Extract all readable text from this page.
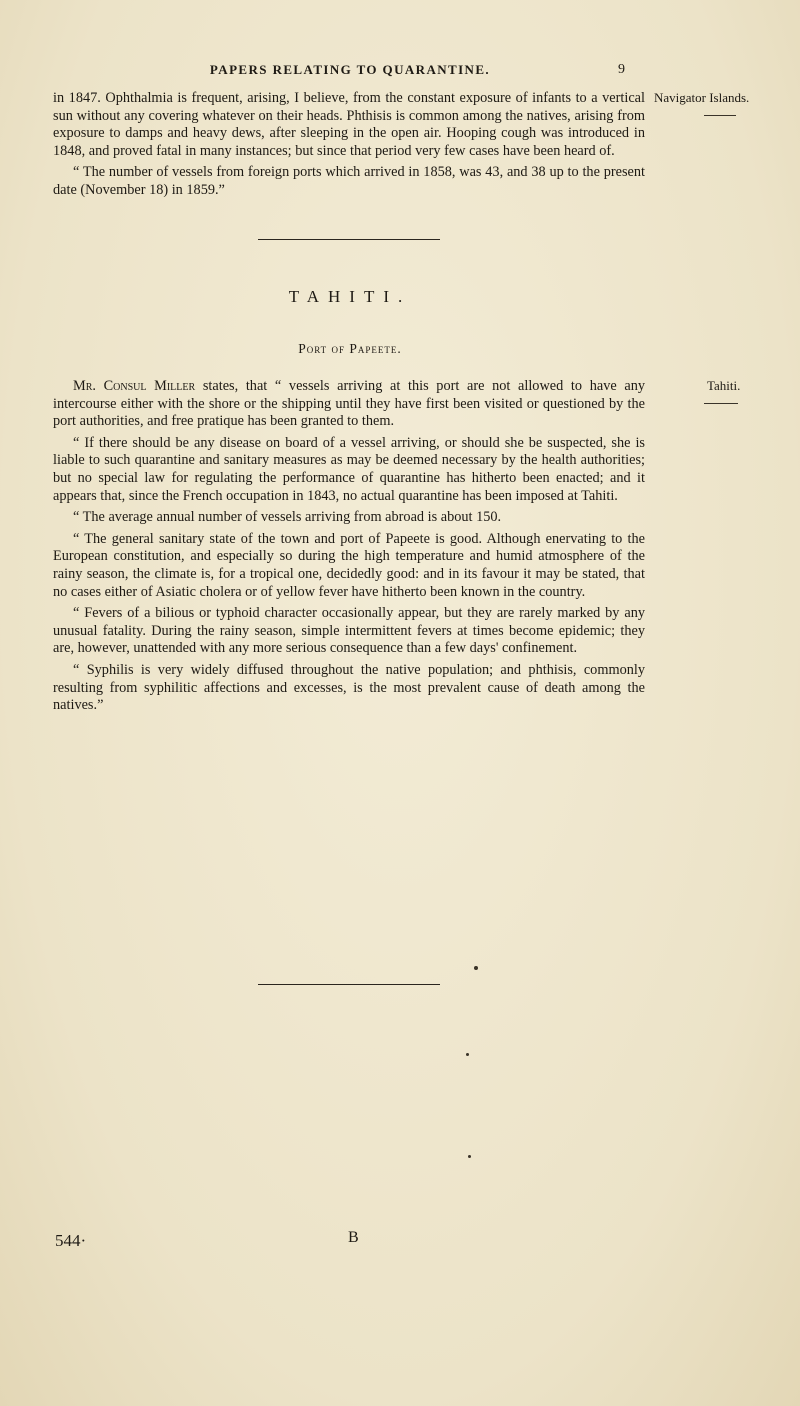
PAPERS RELATING TO QUARANTINE.	9

in 1847. Ophthalmia is frequent, arising, I believe, from the constant exposure of infants to a vertical sun without any covering whatever on their heads. Phthisis is common among the natives, arising from exposure to damps and heavy dews, after sleeping in the open air. Hooping cough was introduced in 1848, and proved fatal in many instances; but since that period very few cases have been heard of.

“ The number of vessels from foreign ports which arrived in 1858, was 43, and 38 up to the present date (November 18) in 1859.”

Navigator Islands.
TAHITI.
Port of Papeete.

Mr. Consul Miller states, that “ vessels arriving at this port are not allowed to have any intercourse either with the shore or the shipping until they have first been visited or questioned by the port authorities, and free pratique has been granted to them.

“ If there should be any disease on board of a vessel arriving, or should she be suspected, she is liable to such quarantine and sanitary measures as may be deemed necessary by the health authorities; but no special law for regulating the performance of quarantine has hitherto been enacted; and it appears that, since the French occupation in 1843, no actual quarantine has been imposed at Tahiti.

“ The average annual number of vessels arriving from abroad is about 150.

“ The general sanitary state of the town and port of Papeete is good. Although enervating to the European constitution, and especially so during the high temperature and humid atmosphere of the rainy season, the climate is, for a tropical one, decidedly good: and in its favour it may be stated, that no cases either of Asiatic cholera or of yellow fever have hitherto been known in the country.

“ Fevers of a bilious or typhoid character occasionally appear, but they are rarely marked by any unusual fatality. During the rainy season, simple intermittent fevers at times become epidemic; they are, however, unattended with any more serious consequence than a few days' confinement.

“ Syphilis is very widely diffused throughout the native population; and phthisis, commonly resulting from syphilitic affections and excesses, is the most prevalent cause of death among the natives.”

Tahiti.
544·	B
